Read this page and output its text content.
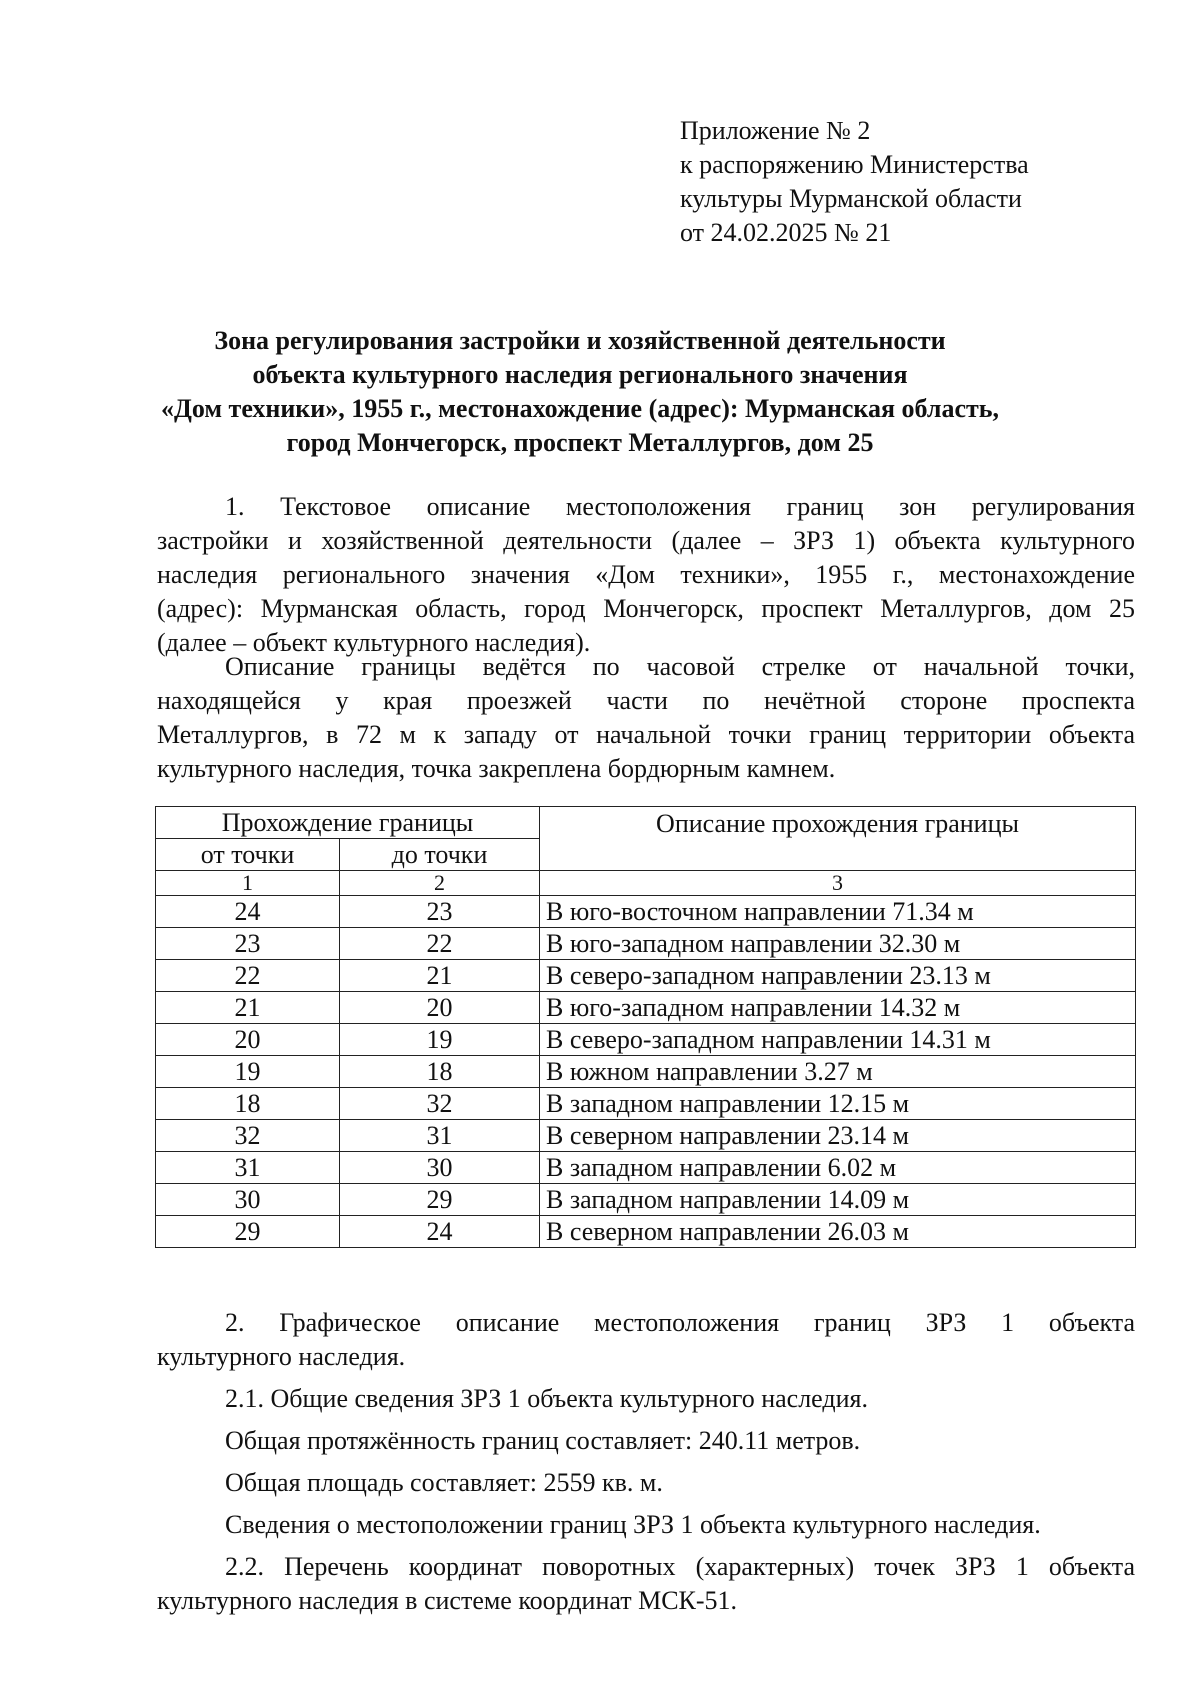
Приложение № 2
к распоряжению Министерства
культуры Мурманской области
от 24.02.2025 № 21
Зона регулирования застройки и хозяйственной деятельности
объекта культурного наследия регионального значения
«Дом техники», 1955 г., местонахождение (адрес): Мурманская область,
город Мончегорск, проспект Металлургов, дом 25
1. Текстовое описание местоположения границ зон регулирования
застройки и хозяйственной деятельности (далее – ЗРЗ 1) объекта культурного
наследия регионального значения «Дом техники», 1955 г., местонахождение
(адрес): Мурманская область, город Мончегорск, проспект Металлургов, дом 25
(далее – объект культурного наследия).
Описание границы ведётся по часовой стрелке от начальной точки,
находящейся у края проезжей части по нечётной стороне проспекта
Металлургов, в 72 м к западу от начальной точки границ территории объекта
культурного наследия, точка закреплена бордюрным камнем.
Прохождение границы		Описание прохождения границы
от точки	до точки	
1	2	3
24	23	В юго-восточном направлении 71.34 м
23	22	В юго-западном направлении 32.30 м
22	21	В северо-западном направлении 23.13 м
21	20	В юго-западном направлении 14.32 м
20	19	В северо-западном направлении 14.31 м
19	18	В южном направлении 3.27 м
18	32	В западном направлении 12.15 м
32	31	В северном направлении 23.14 м
31	30	В западном направлении 6.02 м
30	29	В западном направлении 14.09 м
29	24	В северном направлении 26.03 м
2. Графическое описание местоположения границ ЗРЗ 1 объекта
культурного наследия.
2.1. Общие сведения ЗРЗ 1 объекта культурного наследия.
Общая протяжённость границ составляет: 240.11 метров.
Общая площадь составляет: 2559 кв. м.
Сведения о местоположении границ ЗРЗ 1 объекта культурного наследия.
2.2. Перечень координат поворотных (характерных) точек ЗРЗ 1 объекта
культурного наследия в системе координат МСК-51.
